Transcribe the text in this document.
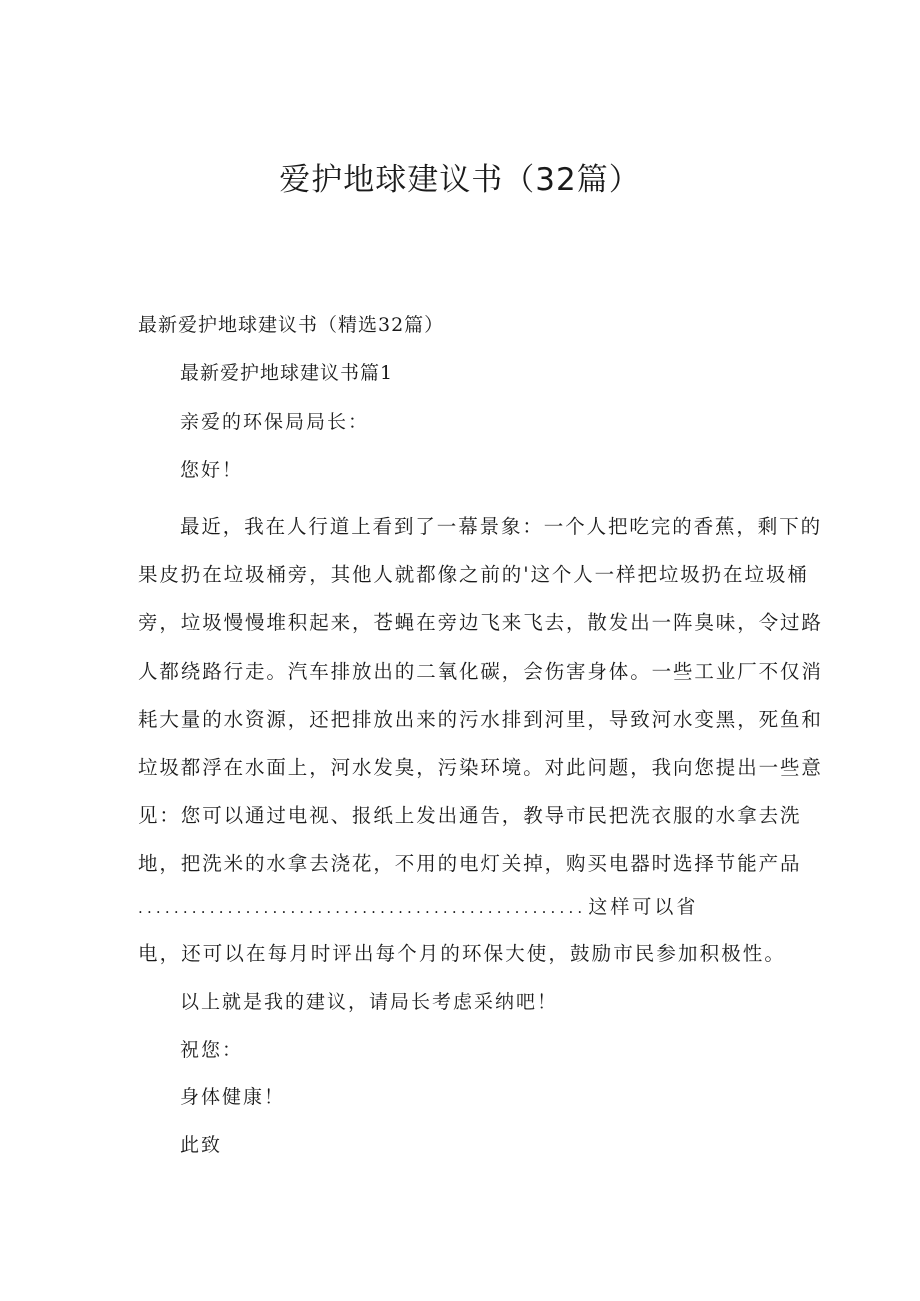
爱护地球建议书（32篇）
最新爱护地球建议书（精选32篇）
最新爱护地球建议书篇1
亲爱的环保局局长：
您好！
最近，我在人行道上看到了一幕景象：一个人把吃完的香蕉，剩下的
果皮扔在垃圾桶旁，其他人就都像之前的'这个人一样把垃圾扔在垃圾桶
旁，垃圾慢慢堆积起来，苍蝇在旁边飞来飞去，散发出一阵臭味，令过路
人都绕路行走。汽车排放出的二氧化碳，会伤害身体。一些工业厂不仅消
耗大量的水资源，还把排放出来的污水排到河里，导致河水变黑，死鱼和
垃圾都浮在水面上，河水发臭，污染环境。对此问题，我向您提出一些意
见：您可以通过电视、报纸上发出通告，教导市民把洗衣服的水拿去洗
地，把洗米的水拿去浇花，不用的电灯关掉，购买电器时选择节能产品
.................................................. 这样可以省
电，还可以在每月时评出每个月的环保大使，鼓励市民参加积极性。
以上就是我的建议，请局长考虑采纳吧！
祝您：
身体健康！
此致
